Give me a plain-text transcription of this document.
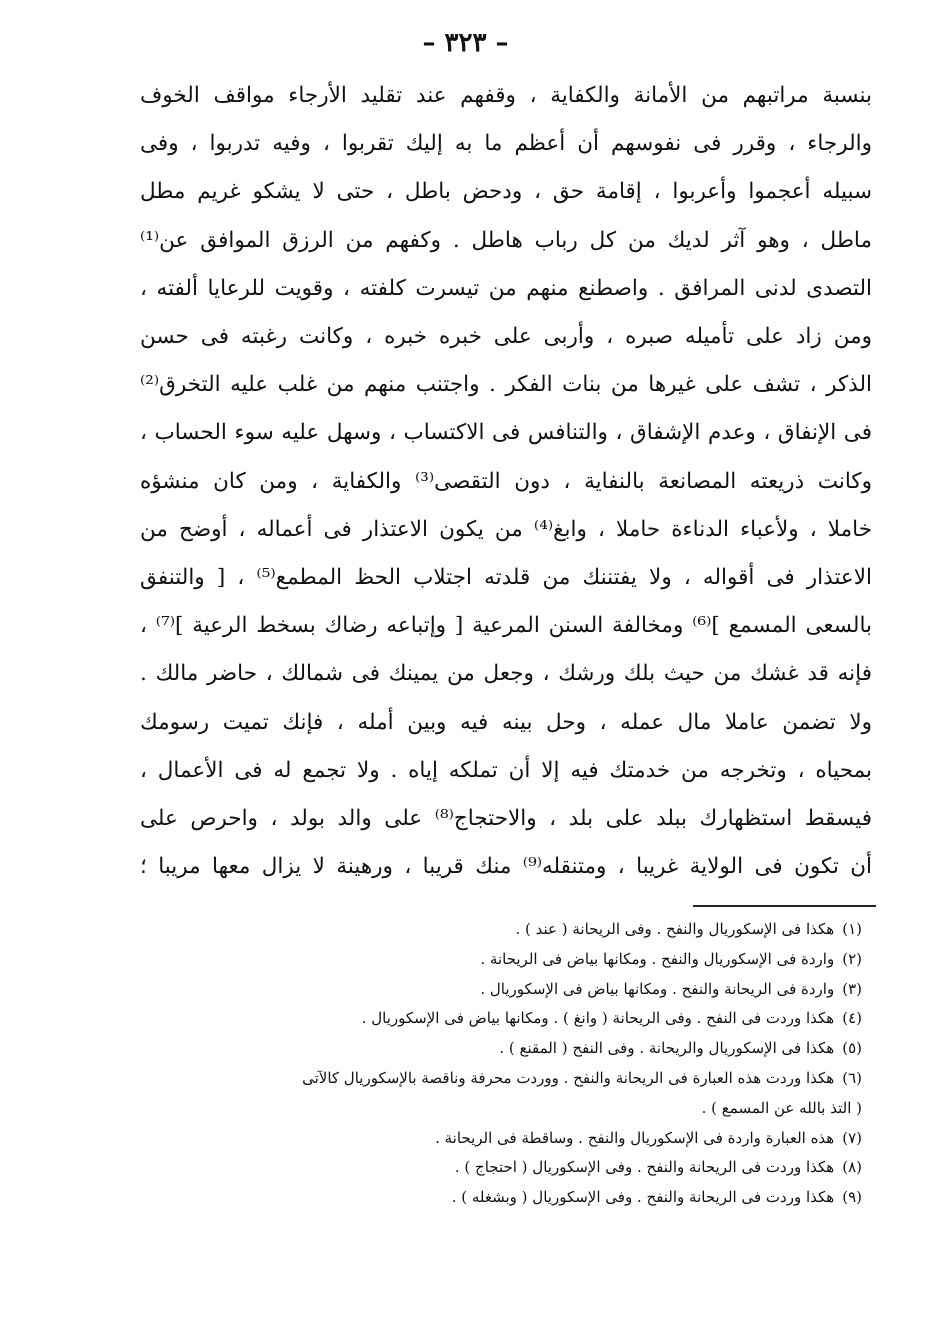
– ٣٢٣ –
بنسبة مراتبهم من الأمانة والكفاية ، وقفهم عند تقليد الأرجاء مواقف الخوف
والرجاء ، وقرر فى نفوسهم أن أعظم ما به إليك تقربوا ، وفيه تدربوا ، وفى
سبيله أعجموا وأعربوا ، إقامة حق ، ودحض باطل ، حتى لا يشكو غريم مطل
ماطل ، وهو آثر لديك من كل رباب هاطل . وكفهم من الرزق الموافق عن⁽¹⁾
التصدى لدنى المرافق . واصطنع منهم من تيسرت كلفته ، وقويت للرعايا ألفته ،
ومن زاد على تأميله صبره ، وأربى على خبره خبره ، وكانت رغبته فى حسن
الذكر ، تشف على غيرها من بنات الفكر . واجتنب منهم من غلب عليه التخرق⁽²⁾
فى الإنفاق ، وعدم الإشفاق ، والتنافس فى الاكتساب ، وسهل عليه سوء الحساب ،
وكانت ذريعته المصانعة بالنفاية ، دون التقصى⁽³⁾ والكفاية ، ومن كان منشؤه
خاملا ، ولأعباء الدناءة حاملا ، وابغ⁽⁴⁾ من يكون الاعتذار فى أعماله ، أوضح من
الاعتذار فى أقواله ، ولا يفتننك من قلدته اجتلاب الحظ المطمع⁽⁵⁾ ، [ والتنفق
بالسعى المسمع ]⁽⁶⁾ ومخالفة السنن المرعية [ وإتباعه رضاك بسخط الرعية ]⁽⁷⁾ ،
فإنه قد غشك من حيث بلك ورشك ، وجعل من يمينك فى شمالك ، حاضر مالك .
ولا تضمن عاملا مال عمله ، وحل بينه فيه وبين أمله ، فإنك تميت رسومك
بمحياه ، وتخرجه من خدمتك فيه إلا أن تملكه إياه . ولا تجمع له فى الأعمال ،
فيسقط استظهارك ببلد على بلد ، والاحتجاج⁽⁸⁾ على والد بولد ، واحرص على
أن تكون فى الولاية غريبا ، ومتنقله⁽⁹⁾ منك قريبا ، ورهينة لا يزال معها مريبا ؛
(١)هكذا فى الإسكوريال والنفح . وفى الريحانة ( عند ) .
(٢)واردة فى الإسكوريال والنفح . ومكانها بياض فى الريحانة .
(٣)واردة فى الريحانة والنفح . ومكانها بياض فى الإسكوريال .
(٤)هكذا وردت فى النفح . وفى الريحانة ( وانغ ) . ومكانها بياض فى الإسكوريال .
(٥)هكذا فى الإسكوريال والريحانة . وفى النفح ( المقنع ) .
(٦)هكذا وردت هذه العبارة فى الريحانة والنفح . ووردت محرفة وناقصة بالإسكوريال كالآتى
( التذ بالله عن المسمع ) .
(٧)هذه العبارة واردة فى الإسكوريال والنفح . وساقطة فى الريحانة .
(٨)هكذا وردت فى الريحانة والنفح . وفى الإسكوريال ( احتجاج ) .
(٩)هكذا وردت فى الريحانة والنفح . وفى الإسكوريال ( وبشغله ) .
